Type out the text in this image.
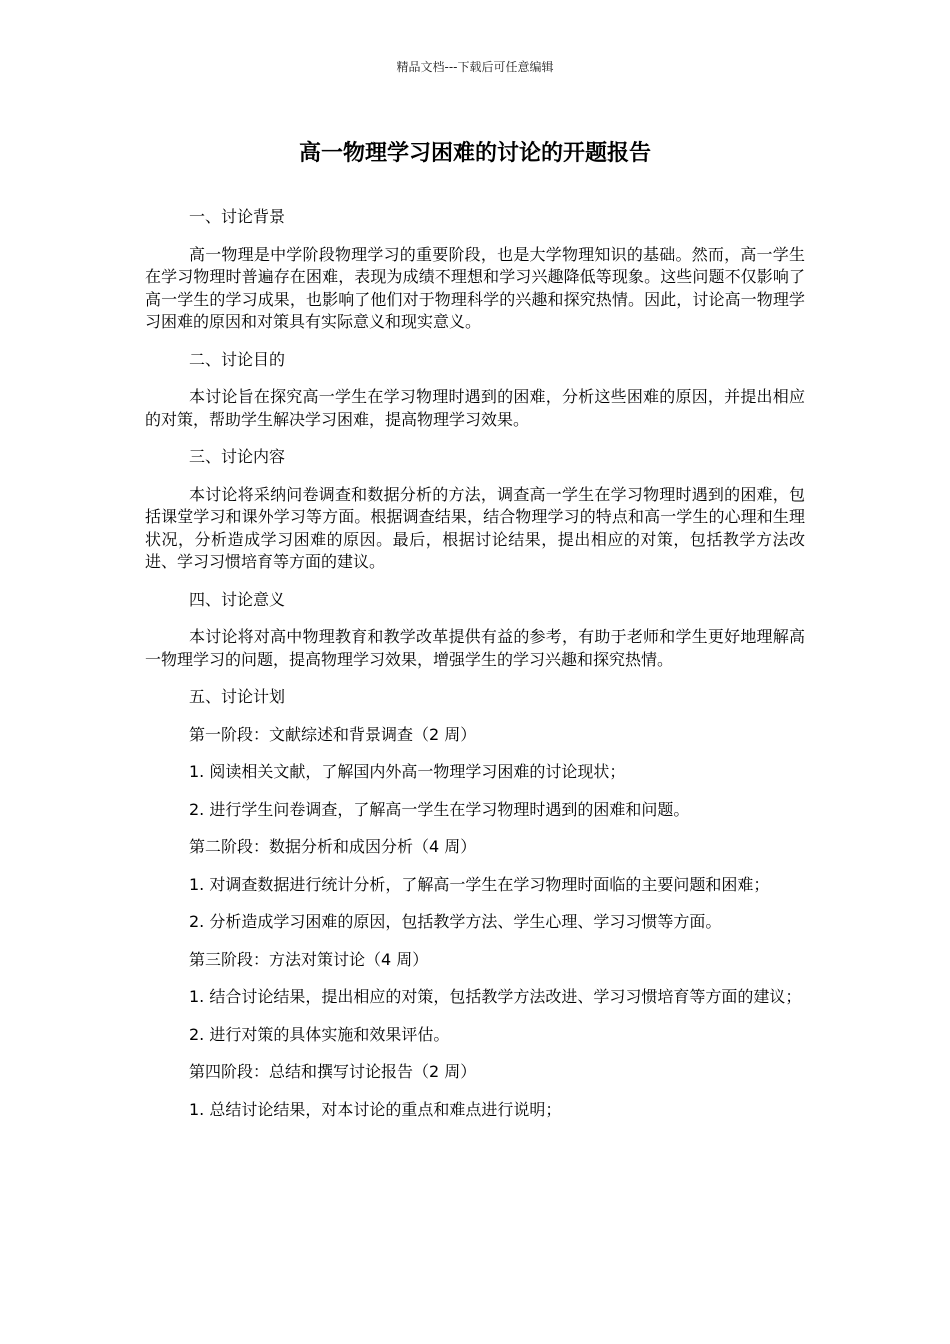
精品文档---下载后可任意编辑
高一物理学习困难的讨论的开题报告

一、讨论背景

高一物理是中学阶段物理学习的重要阶段，也是大学物理知识的基础。然而，高一学生在学习物理时普遍存在困难，表现为成绩不理想和学习兴趣降低等现象。这些问题不仅影响了高一学生的学习成果，也影响了他们对于物理科学的兴趣和探究热情。因此，讨论高一物理学习困难的原因和对策具有实际意义和现实意义。

二、讨论目的

本讨论旨在探究高一学生在学习物理时遇到的困难，分析这些困难的原因，并提出相应的对策，帮助学生解决学习困难，提高物理学习效果。

三、讨论内容

本讨论将采纳问卷调查和数据分析的方法，调查高一学生在学习物理时遇到的困难，包括课堂学习和课外学习等方面。根据调查结果，结合物理学习的特点和高一学生的心理和生理状况，分析造成学习困难的原因。最后，根据讨论结果，提出相应的对策，包括教学方法改进、学习习惯培育等方面的建议。

四、讨论意义

本讨论将对高中物理教育和教学改革提供有益的参考，有助于老师和学生更好地理解高一物理学习的问题，提高物理学习效果，增强学生的学习兴趣和探究热情。

五、讨论计划

第一阶段：文献综述和背景调查（2 周）

1. 阅读相关文献，了解国内外高一物理学习困难的讨论现状；

2. 进行学生问卷调查，了解高一学生在学习物理时遇到的困难和问题。

第二阶段：数据分析和成因分析（4 周）

1. 对调查数据进行统计分析，了解高一学生在学习物理时面临的主要问题和困难；

2. 分析造成学习困难的原因，包括教学方法、学生心理、学习习惯等方面。

第三阶段：方法对策讨论（4 周）

1. 结合讨论结果，提出相应的对策，包括教学方法改进、学习习惯培育等方面的建议；

2. 进行对策的具体实施和效果评估。

第四阶段：总结和撰写讨论报告（2 周）

1. 总结讨论结果，对本讨论的重点和难点进行说明；
